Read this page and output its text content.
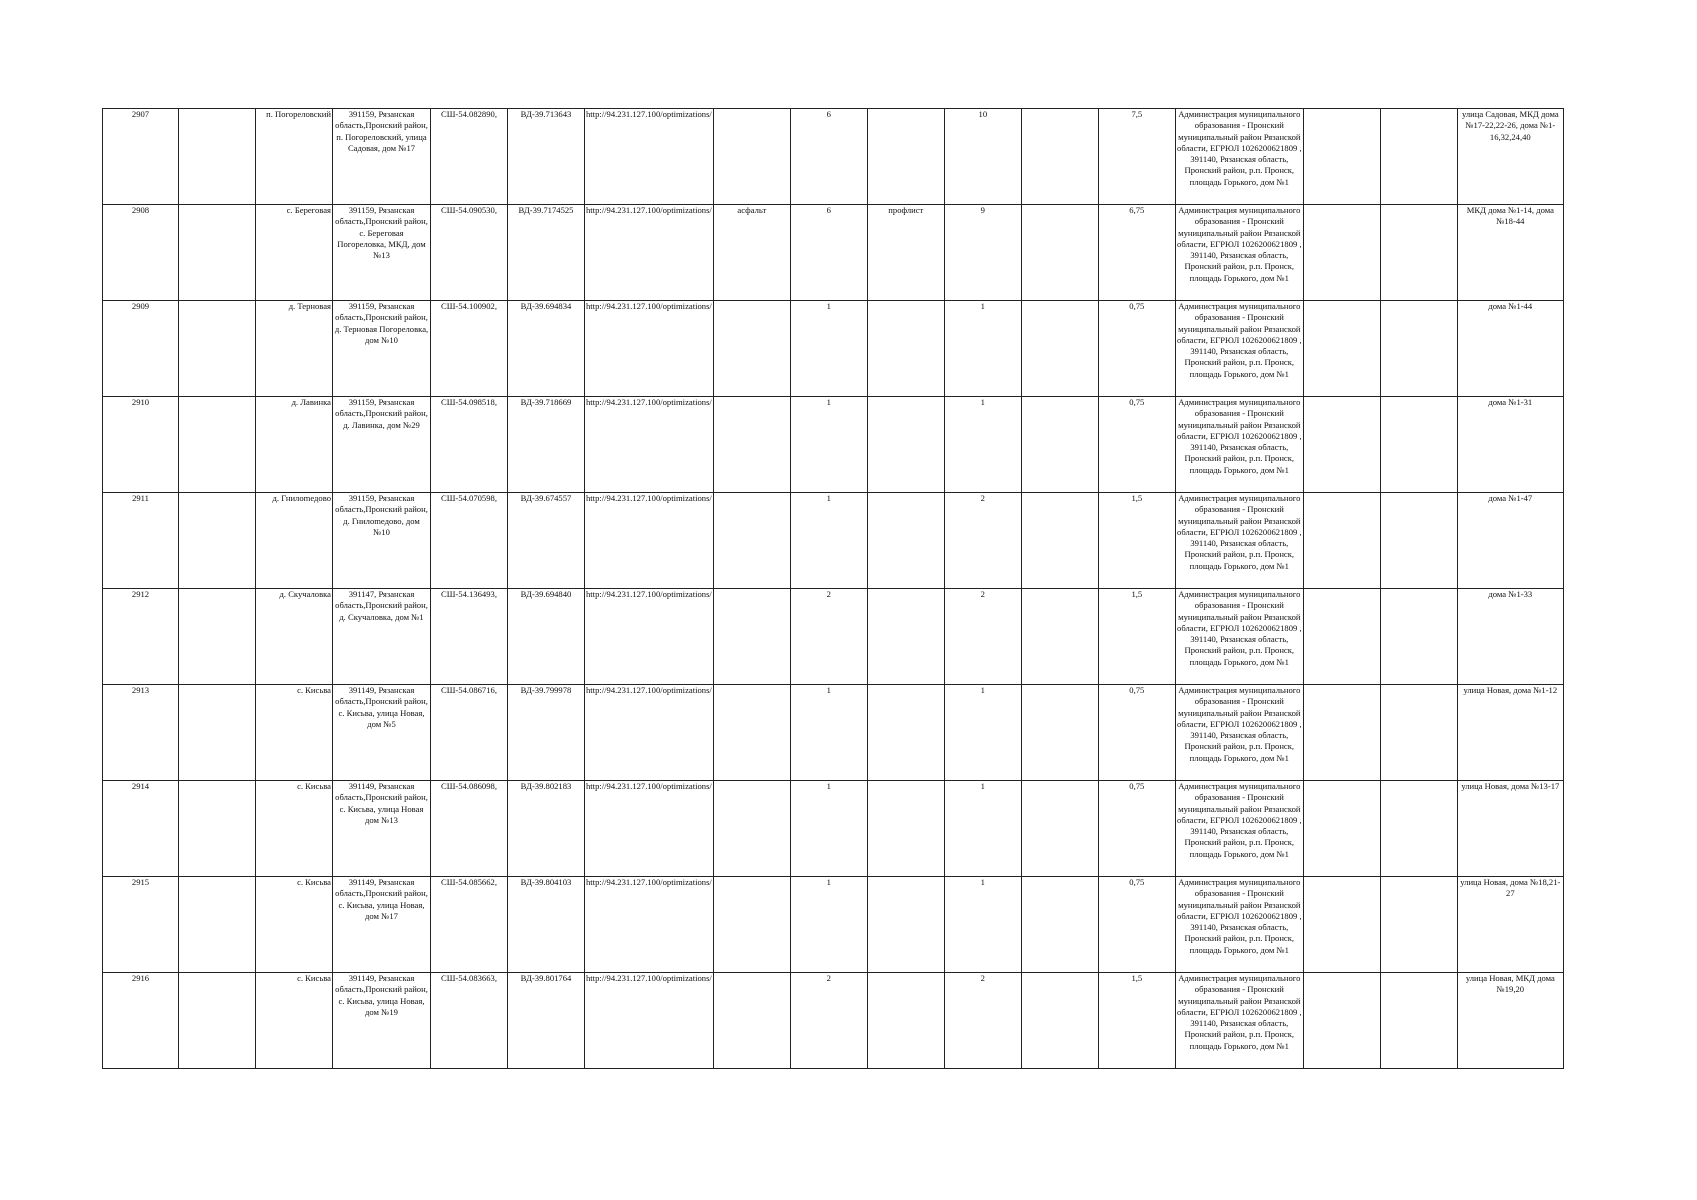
2907		п. Погореловский	391159, Рязанская область,Пронский район, п. Погореловский, улица Садовая, дом №17	СШ-54.082890,	ВД-39.713643	http://94.231.127.100/optimizations/		6		10		7,5	Администрация муниципального образования - Пронский муниципальный район Рязанской области, ЕГРЮЛ 1026200621809 , 391140, Рязанская область, Пронский район, р.п. Пронск, площадь Горького, дом №1			улица Садовая, МКД дома №17-22,22-26, дома №1-16,32,24,40
2908		с. Береговая	391159, Рязанская область,Пронский район, с. Береговая Погореловка, МКД, дом №13	СШ-54.090530,	ВД-39.7174525	http://94.231.127.100/optimizations/	асфальт	6	профлист	9		6,75	Администрация муниципального образования - Пронский муниципальный район Рязанской области, ЕГРЮЛ 1026200621809 , 391140, Рязанская область, Пронский район, р.п. Пронск, площадь Горького, дом №1			МКД дома №1-14, дома №18-44
2909		д. Терновая	391159, Рязанская область,Пронский район, д. Терновая Погореловка, дом №10	СШ-54.100902,	ВД-39.694834	http://94.231.127.100/optimizations/		1		1		0,75	Администрация муниципального образования - Пронский муниципальный район Рязанской области, ЕГРЮЛ 1026200621809 , 391140, Рязанская область, Пронский район, р.п. Пронск, площадь Горького, дом №1			дома №1-44
2910		д. Лавинка	391159, Рязанская область,Пронский район, д. Лавинка, дом №29	СШ-54.098518,	ВД-39.718669	http://94.231.127.100/optimizations/		1		1		0,75	Администрация муниципального образования - Пронский муниципальный район Рязанской области, ЕГРЮЛ 1026200621809 , 391140, Рязанская область, Пронский район, р.п. Пронск, площадь Горького, дом №1			дома №1-31
2911		д. Гнилomедово	391159, Рязанская область,Пронский район, д. Гнилomедово, дом №10	СШ-54.070598,	ВД-39.674557	http://94.231.127.100/optimizations/		1		2		1,5	Администрация муниципального образования - Пронский муниципальный район Рязанской области, ЕГРЮЛ 1026200621809 , 391140, Рязанская область, Пронский район, р.п. Пронск, площадь Горького, дом №1			дома №1-47
2912		д. Скучаловка	391147, Рязанская область,Пронский район, д. Скучаловка, дом №1	СШ-54.136493,	ВД-39.694840	http://94.231.127.100/optimizations/		2		2		1,5	Администрация муниципального образования - Пронский муниципальный район Рязанской области, ЕГРЮЛ 1026200621809 , 391140, Рязанская область, Пронский район, р.п. Пронск, площадь Горького, дом №1			дома №1-33
2913		с. Кисьва	391149, Рязанская область,Пронский район, с. Кисьва, улица Новая, дом №5	СШ-54.086716,	ВД-39.799978	http://94.231.127.100/optimizations/		1		1		0,75	Администрация муниципального образования - Пронский муниципальный район Рязанской области, ЕГРЮЛ 1026200621809 , 391140, Рязанская область, Пронский район, р.п. Пронск, площадь Горького, дом №1			улица Новая, дома №1-12
2914		с. Кисьва	391149, Рязанская область,Пронский район, с. Кисьва, улица Новая дом №13	СШ-54.086098,	ВД-39.802183	http://94.231.127.100/optimizations/		1		1		0,75	Администрация муниципального образования - Пронский муниципальный район Рязанской области, ЕГРЮЛ 1026200621809 , 391140, Рязанская область, Пронский район, р.п. Пронск, площадь Горького, дом №1			улица Новая, дома №13-17
2915		с. Кисьва	391149, Рязанская область,Пронский район, с. Кисьва, улица Новая, дом №17	СШ-54.085662,	ВД-39.804103	http://94.231.127.100/optimizations/		1		1		0,75	Администрация муниципального образования - Пронский муниципальный район Рязанской области, ЕГРЮЛ 1026200621809 , 391140, Рязанская область, Пронский район, р.п. Пронск, площадь Горького, дом №1			улица Новая, дома №18,21-27
2916		с. Кисьва	391149, Рязанская область,Пронский район, с. Кисьва, улица Новая, дом №19	СШ-54.083663,	ВД-39.801764	http://94.231.127.100/optimizations/		2		2		1,5	Администрация муниципального образования - Пронский муниципальный район Рязанской области, ЕГРЮЛ 1026200621809 , 391140, Рязанская область, Пронский район, р.п. Пронск, площадь Горького, дом №1			улица Новая, МКД дома №19,20
